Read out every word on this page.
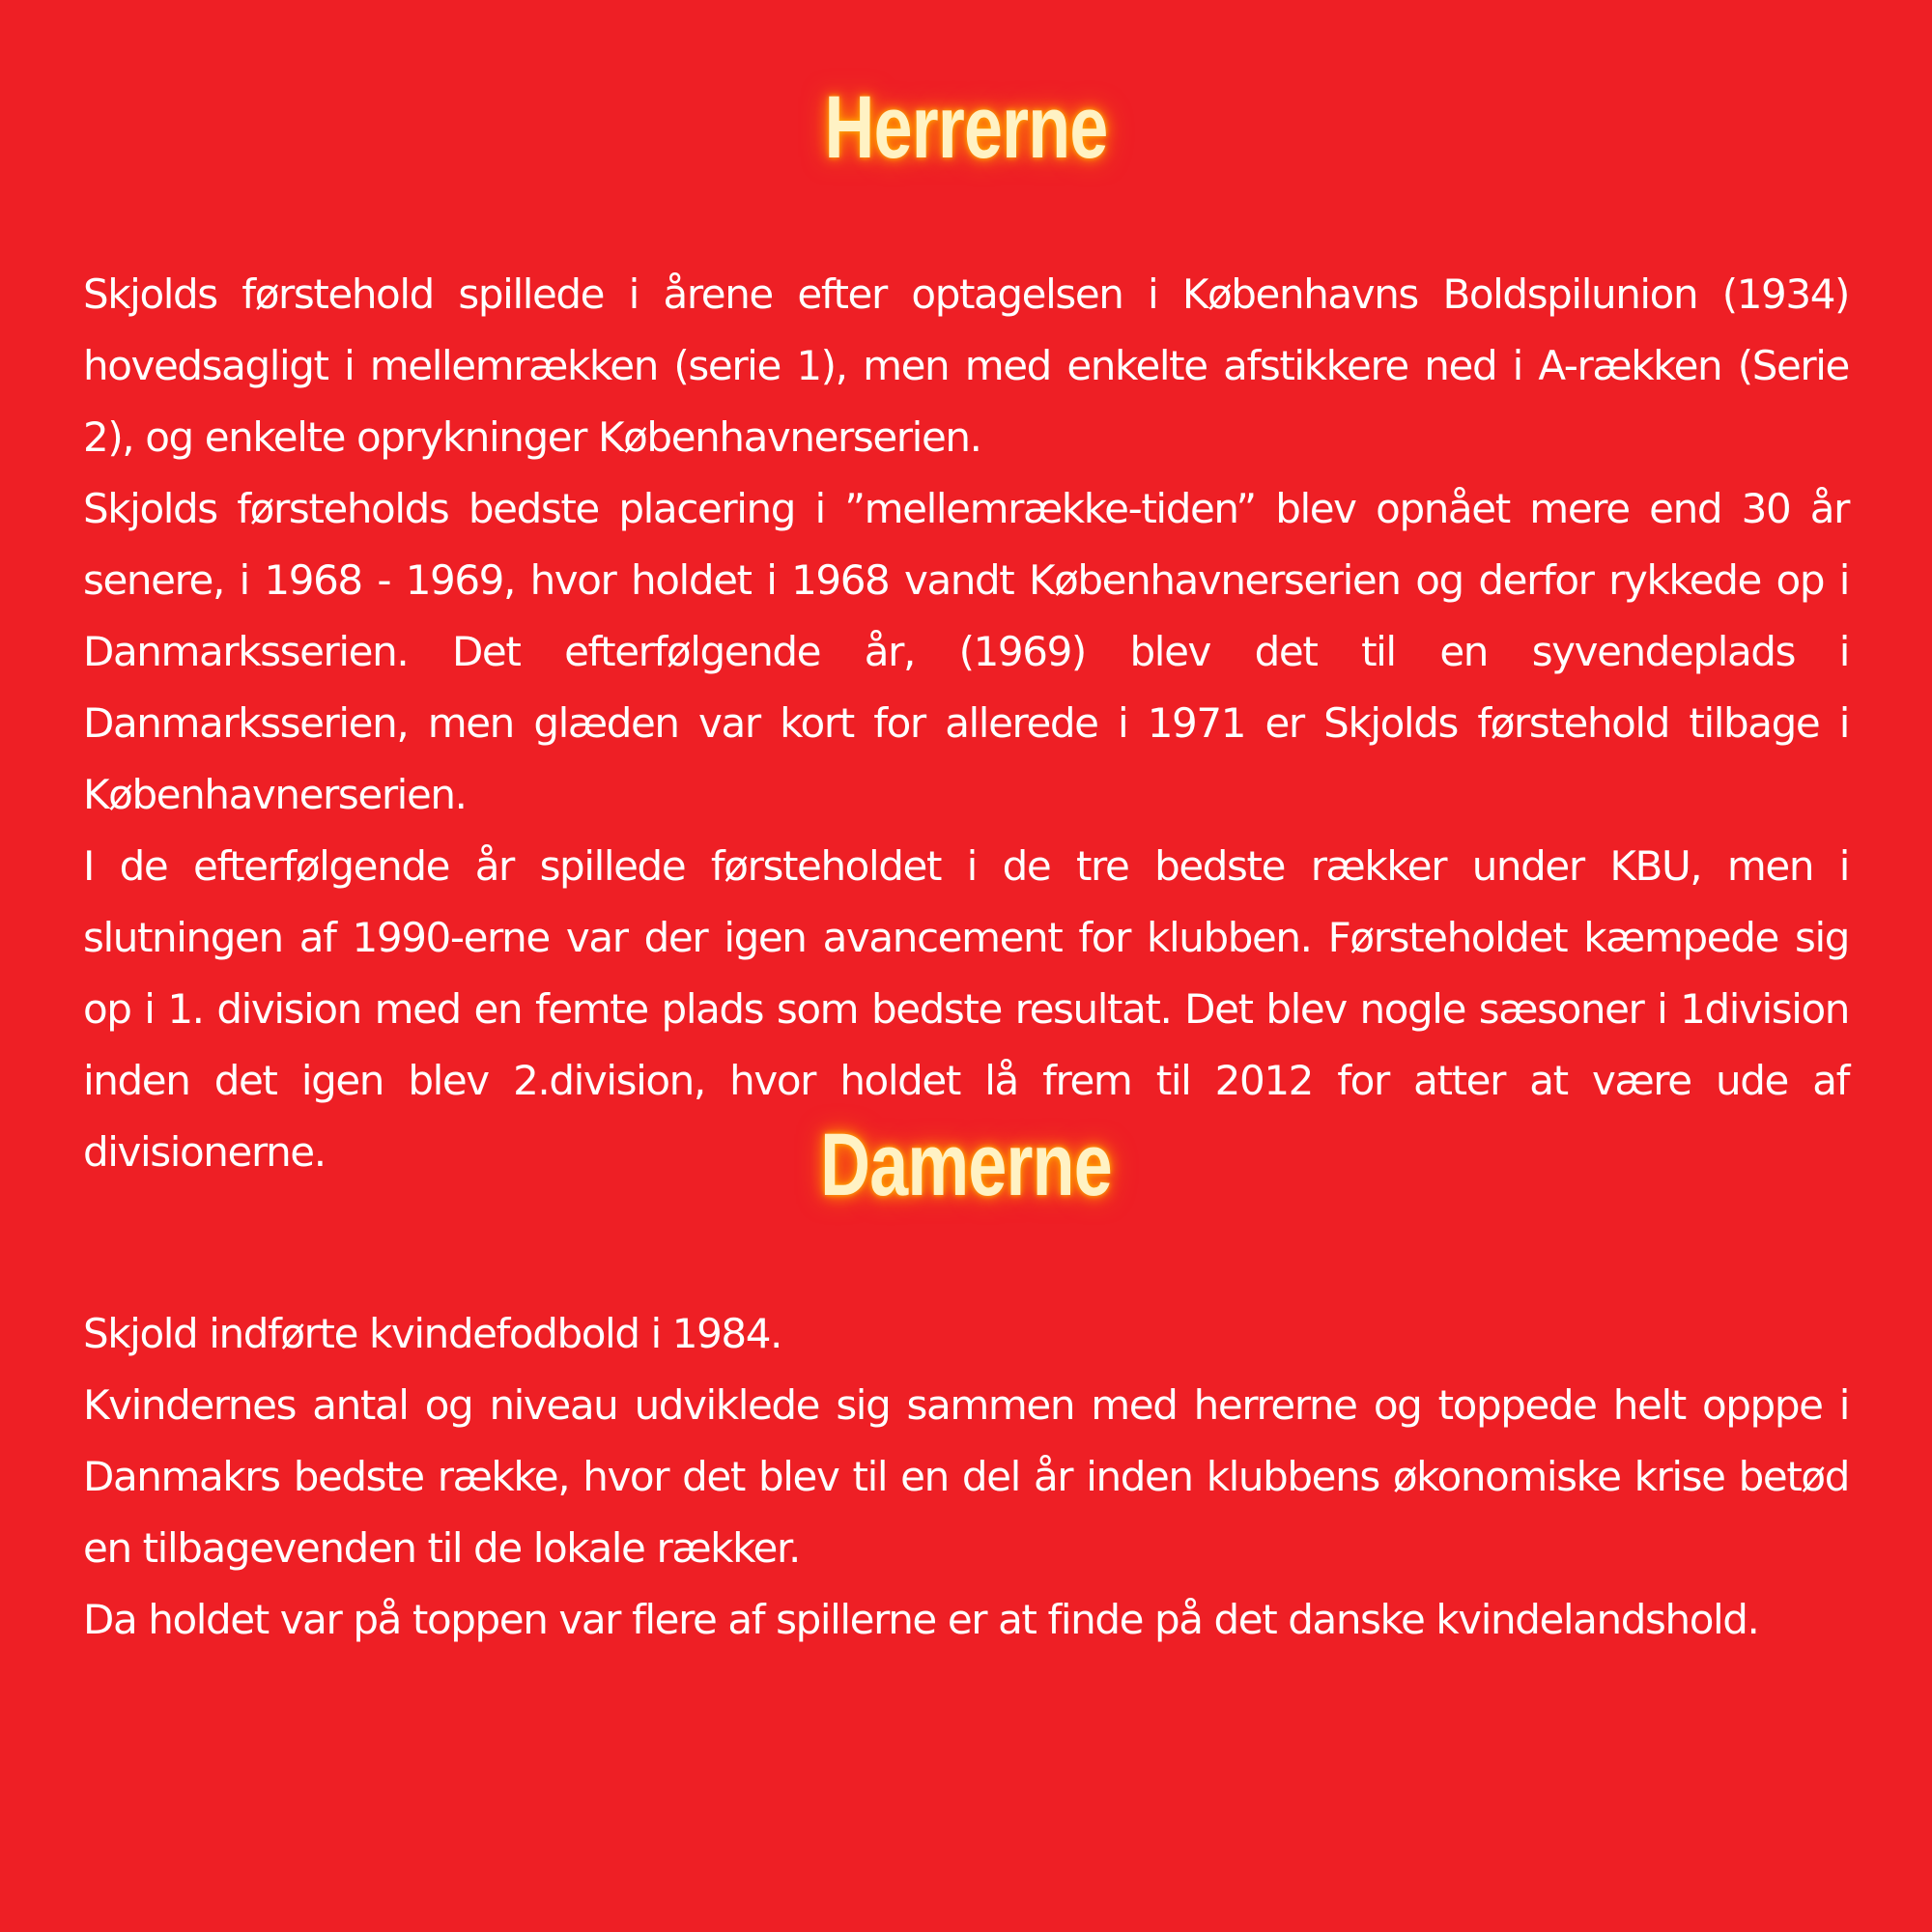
Herrerne

Skjolds førstehold spillede i årene efter optagelsen i Københavns Boldspilunion (1934) hovedsagligt i mellemrækken (serie 1), men med enkelte afstikkere ned i A-rækken (Serie 2), og enkelte oprykninger Københavnerserien.

Skjolds førsteholds bedste placering i ”mellemrække-tiden” blev opnået mere end 30 år senere, i 1968 - 1969, hvor holdet i 1968 vandt Københavnerserien og derfor rykkede op i Danmarksserien. Det efterfølgende år, (1969) blev det til en syvendeplads i Danmarksserien, men glæden var kort for allerede i 1971 er Skjolds førstehold tilbage i Københavnerserien.

I de efterfølgende år spillede førsteholdet i de tre bedste rækker under KBU, men i slutningen af 1990-erne var der igen avancement for klubben. Førsteholdet kæmpede sig op i 1. division med en femte plads som bedste resultat. Det blev nogle sæsoner i 1division inden det igen blev 2.division, hvor holdet lå frem til 2012 for atter at være ude af divisionerne.	Damerne

Skjold indførte kvindefodbold i 1984.

Kvindernes antal og niveau udviklede sig sammen med herrerne og toppede helt opppe i Danmakrs bedste række, hvor det blev til en del år inden klubbens økonomiske krise betød en tilbagevenden til de lokale rækker.

Da holdet var på toppen var flere af spillerne er at finde på det danske kvindelandshold.
